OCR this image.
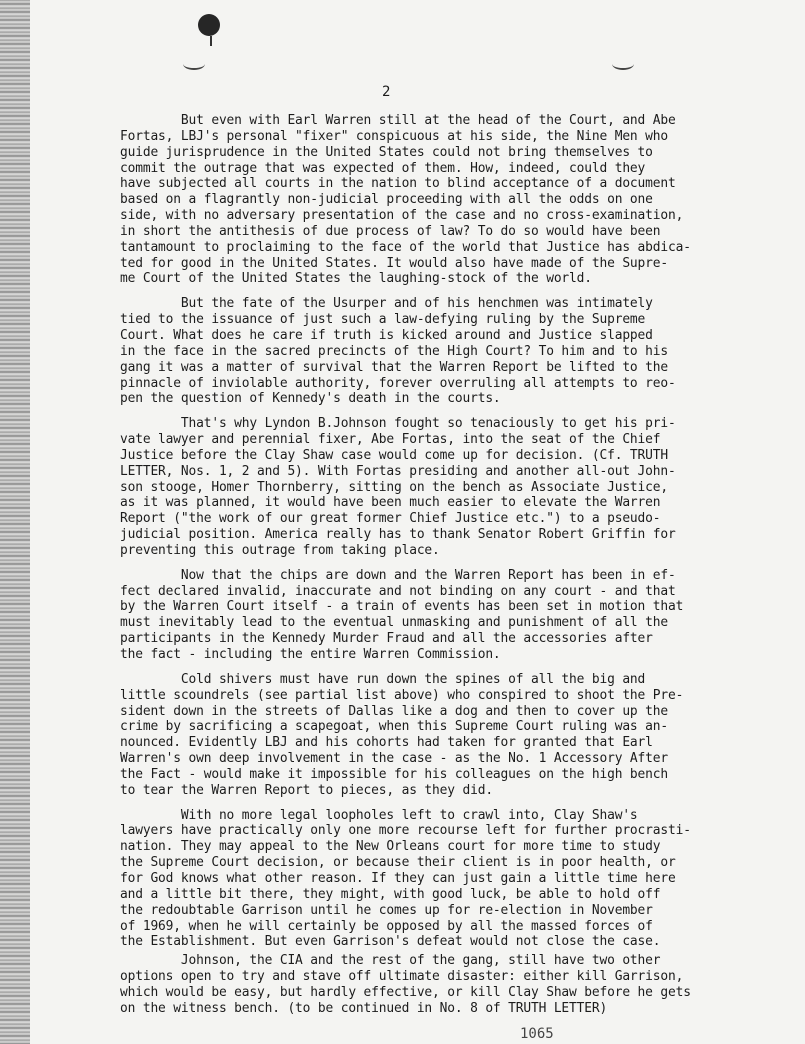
2

But even with Earl Warren still at the head of the Court, and Abe
Fortas, LBJ's personal "fixer" conspicuous at his side, the Nine Men who
guide jurisprudence in the United States could not bring themselves to
commit the outrage that was expected of them. How, indeed, could they
have subjected all courts in the nation to blind acceptance of a document
based on a flagrantly non-judicial proceeding with all the odds on one
side, with no adversary presentation of the case and no cross-examination,
in short the antithesis of due process of law? To do so would have been
tantamount to proclaiming to the face of the world that Justice has abdica-
ted for good in the United States. It would also have made of the Supre-
me Court of the United States the laughing-stock of the world.

But the fate of the Usurper and of his henchmen was intimately
tied to the issuance of just such a law-defying ruling by the Supreme
Court. What does he care if truth is kicked around and Justice slapped
in the face in the sacred precincts of the High Court? To him and to his
gang it was a matter of survival that the Warren Report be lifted to the
pinnacle of inviolable authority, forever overruling all attempts to reo-
pen the question of Kennedy's death in the courts.

That's why Lyndon B.Johnson fought so tenaciously to get his pri-
vate lawyer and perennial fixer, Abe Fortas, into the seat of the Chief
Justice before the Clay Shaw case would come up for decision. (Cf. TRUTH
LETTER, Nos. 1, 2 and 5). With Fortas presiding and another all-out John-
son stooge, Homer Thornberry, sitting on the bench as Associate Justice,
as it was planned, it would have been much easier to elevate the Warren
Report ("the work of our great former Chief Justice etc.") to a pseudo-
judicial position. America really has to thank Senator Robert Griffin for
preventing this outrage from taking place.

Now that the chips are down and the Warren Report has been in ef-
fect declared invalid, inaccurate and not binding on any court - and that
by the Warren Court itself - a train of events has been set in motion that
must inevitably lead to the eventual unmasking and punishment of all the
participants in the Kennedy Murder Fraud and all the accessories after
the fact - including the entire Warren Commission.

Cold shivers must have run down the spines of all the big and
little scoundrels (see partial list above) who conspired to shoot the Pre-
sident down in the streets of Dallas like a dog and then to cover up the
crime by sacrificing a scapegoat, when this Supreme Court ruling was an-
nounced. Evidently LBJ and his cohorts had taken for granted that Earl
Warren's own deep involvement in the case - as the No. 1 Accessory After
the Fact - would make it impossible for his colleagues on the high bench
to tear the Warren Report to pieces, as they did.

With no more legal loopholes left to crawl into, Clay Shaw's
lawyers have practically only one more recourse left for further procrasti-
nation. They may appeal to the New Orleans court for more time to study
the Supreme Court decision, or because their client is in poor health, or
for God knows what other reason. If they can just gain a little time here
and a little bit there, they might, with good luck, be able to hold off
the redoubtable Garrison until he comes up for re-election in November
of 1969, when he will certainly be opposed by all the massed forces of
the Establishment. But even Garrison's defeat would not close the case.

Johnson, the CIA and the rest of the gang, still have two other
options open to try and stave off ultimate disaster: either kill Garrison,
which would be easy, but hardly effective, or kill Clay Shaw before he gets
on the witness bench. (to be continued in No. 8 of TRUTH LETTER)

1065
